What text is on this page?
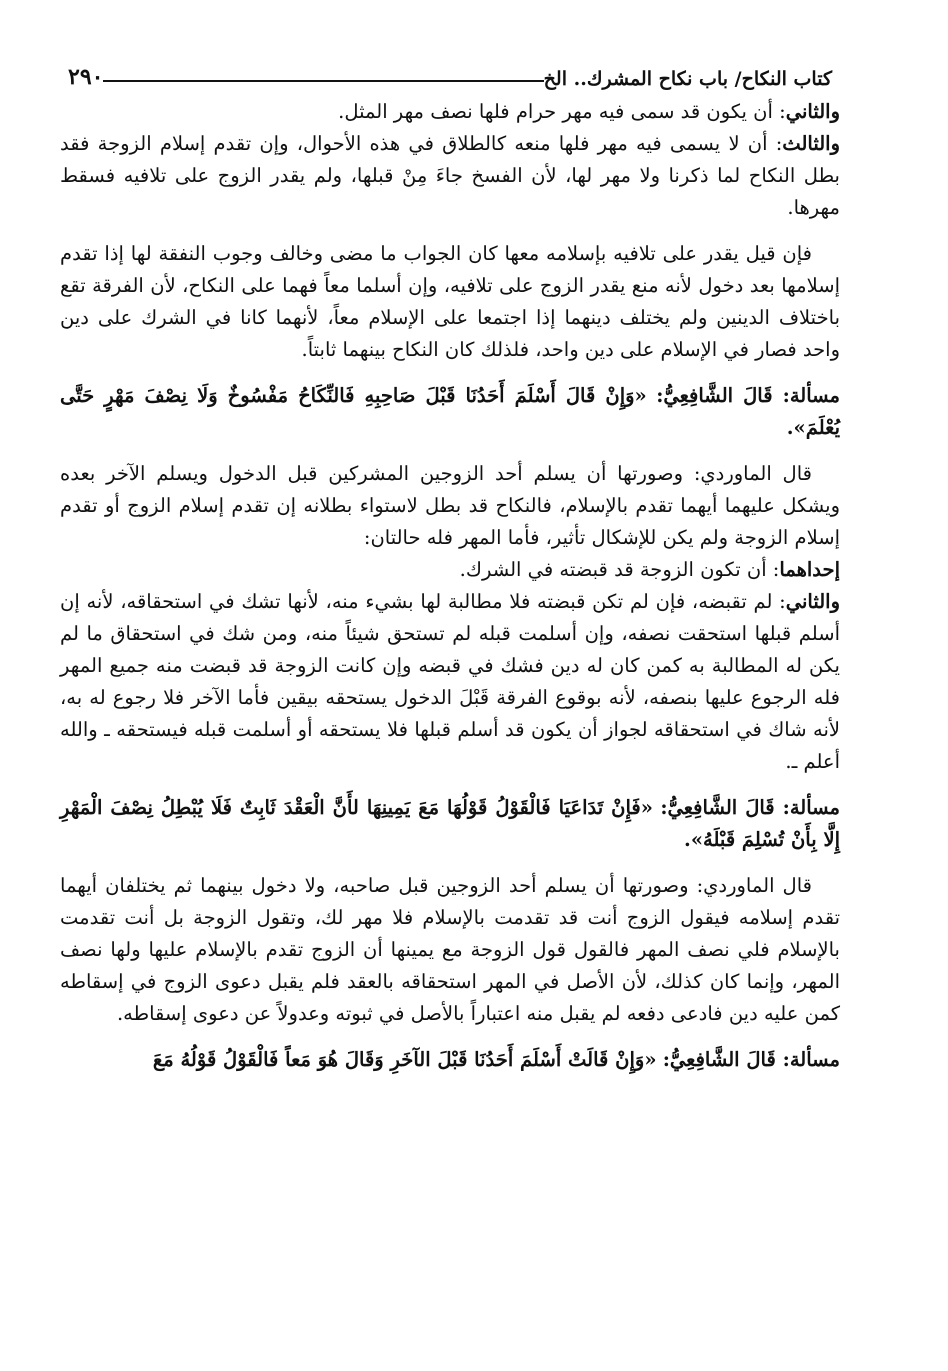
كتاب النكاح/ باب نكاح المشرك.. الخ
٢٩٠

والثاني: أن يكون قد سمى فيه مهر حرام فلها نصف مهر المثل.

والثالث: أن لا يسمى فيه مهر فلها منعه كالطلاق في هذه الأحوال، وإن تقدم إسلام الزوجة فقد بطل النكاح لما ذكرنا ولا مهر لها، لأن الفسخ جاءَ مِنْ قبلها، ولم يقدر الزوج على تلافيه فسقط مهرها.

فإن قيل يقدر على تلافيه بإسلامه معها كان الجواب ما مضى وخالف وجوب النفقة لها إذا تقدم إسلامها بعد دخول لأنه منع يقدر الزوج على تلافيه، وإن أسلما معاً فهما على النكاح، لأن الفرقة تقع باختلاف الدينين ولم يختلف دينهما إذا اجتمعا على الإسلام معاً، لأنهما كانا في الشرك على دين واحد فصار في الإسلام على دين واحد، فلذلك كان النكاح بينهما ثابتاً.

مسألة: قَالَ الشَّافِعِيُّ: «وَإِنْ قَالَ أَسْلَمَ أَحَدُنَا قَبْلَ صَاحِبِهِ فَالنِّكَاحُ مَفْسُوخٌ وَلَا نِصْفَ مَهْرٍ حَتَّى يُعْلَمَ».

قال الماوردي: وصورتها أن يسلم أحد الزوجين المشركين قبل الدخول ويسلم الآخر بعده ويشكل عليهما أيهما تقدم بالإسلام، فالنكاح قد بطل لاستواء بطلانه إن تقدم إسلام الزوج أو تقدم إسلام الزوجة ولم يكن للإشكال تأثير، فأما المهر فله حالتان:

إحداهما: أن تكون الزوجة قد قبضته في الشرك.

والثاني: لم تقبضه، فإن لم تكن قبضته فلا مطالبة لها بشيء منه، لأنها تشك في استحقاقه، لأنه إن أسلم قبلها استحقت نصفه، وإن أسلمت قبله لم تستحق شيئاً منه، ومن شك في استحقاق ما لم يكن له المطالبة به كمن كان له دين فشك في قبضه وإن كانت الزوجة قد قبضت منه جميع المهر فله الرجوع عليها بنصفه، لأنه بوقوع الفرقة قَبْلَ الدخول يستحقه بيقين فأما الآخر فلا رجوع له به، لأنه شاك في استحقاقه لجواز أن يكون قد أسلم قبلها فلا يستحقه أو أسلمت قبله فيستحقه ـ والله أعلم ـ.

مسألة: قَالَ الشَّافِعِيُّ: «فَإِنْ تَدَاعَيَا فَالْقَوْلُ قَوْلُهَا مَعَ يَمِينِهَا لأَنَّ الْعَقْدَ ثَابِتٌ فَلَا يُبْطِلُ نِصْفَ الْمَهْرِ إِلَّا بِأَنْ تُسْلِمَ قَبْلَهُ».

قال الماوردي: وصورتها أن يسلم أحد الزوجين قبل صاحبه، ولا دخول بينهما ثم يختلفان أيهما تقدم إسلامه فيقول الزوج أنت قد تقدمت بالإسلام فلا مهر لك، وتقول الزوجة بل أنت تقدمت بالإسلام فلي نصف المهر فالقول قول الزوجة مع يمينها أن الزوج تقدم بالإسلام عليها ولها نصف المهر، وإنما كان كذلك، لأن الأصل في المهر استحقاقه بالعقد فلم يقبل دعوى الزوج في إسقاطه كمن عليه دين فادعى دفعه لم يقبل منه اعتباراً بالأصل في ثبوته وعدولاً عن دعوى إسقاطه.

مسألة: قَالَ الشَّافِعِيُّ: «وَإِنْ قَالَتْ أَسْلَمَ أَحَدُنَا قَبْلَ الآخَرِ وَقَالَ هُوَ مَعاً فَالْقَوْلُ قَوْلُهُ مَعَ
